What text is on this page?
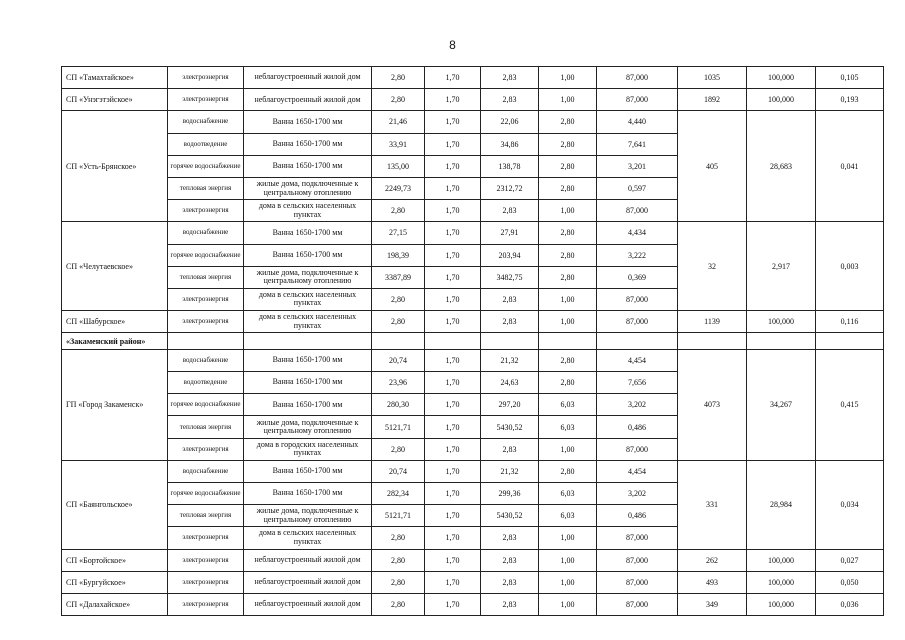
8
СП «Тамахтайское»	электроэнергия	неблагоустроенный жилой дом	2,80	1,70	2,83	1,00	87,000	1035	100,000	0,105
СП «Унэгэтэйское»	электроэнергия	неблагоустроенный жилой дом	2,80	1,70	2,83	1,00	87,000	1892	100,000	0,193
СП «Усть-Брянское»	водоснабжение	Ванна 1650-1700 мм	21,46	1,70	22,06	2,80	4,440	405	28,683	0,041
	водоотведение	Ванна 1650-1700 мм	33,91	1,70	34,86	2,80	7,641			
	горячее водоснабжение	Ванна 1650-1700 мм	135,00	1,70	138,78	2,80	3,201			
	тепловая энергия	жилые дома, подключенные к центральному отоплению	2249,73	1,70	2312,72	2,80	0,597			
	электроэнергия	дома в сельских населенных пунктах	2,80	1,70	2,83	1,00	87,000			
СП «Челутаевское»	водоснабжение	Ванна 1650-1700 мм	27,15	1,70	27,91	2,80	4,434	32	2,917	0,003
	горячее водоснабжение	Ванна 1650-1700 мм	198,39	1,70	203,94	2,80	3,222			
	тепловая энергия	жилые дома, подключенные к центральному отоплению	3387,89	1,70	3482,75	2,80	0,369			
	электроэнергия	дома в сельских населенных пунктах	2,80	1,70	2,83	1,00	87,000			
СП «Шабурское»	электроэнергия	дома в сельских населенных пунктах	2,80	1,70	2,83	1,00	87,000	1139	100,000	0,116
«Закаменский район»										
ГП «Город Закаменск»	водоснабжение	Ванна 1650-1700 мм	20,74	1,70	21,32	2,80	4,454	4073	34,267	0,415
	водоотведение	Ванна 1650-1700 мм	23,96	1,70	24,63	2,80	7,656			
	горячее водоснабжение	Ванна 1650-1700 мм	280,30	1,70	297,20	6,03	3,202			
	тепловая энергия	жилые дома, подключенные к центральному отоплению	5121,71	1,70	5430,52	6,03	0,486			
	электроэнергия	дома в городских населенных пунктах	2,80	1,70	2,83	1,00	87,000			
СП «Баянгольское»	водоснабжение	Ванна 1650-1700 мм	20,74	1,70	21,32	2,80	4,454	331	28,984	0,034
	горячее водоснабжение	Ванна 1650-1700 мм	282,34	1,70	299,36	6,03	3,202			
	тепловая энергия	жилые дома, подключенные к центральному отоплению	5121,71	1,70	5430,52	6,03	0,486			
	электроэнергия	дома в сельских населенных пунктах	2,80	1,70	2,83	1,00	87,000			
СП «Бортойское»	электроэнергия	неблагоустроенный жилой дом	2,80	1,70	2,83	1,00	87,000	262	100,000	0,027
СП «Бургуйское»	электроэнергия	неблагоустроенный жилой дом	2,80	1,70	2,83	1,00	87,000	493	100,000	0,050
СП «Далахайское»	электроэнергия	неблагоустроенный жилой дом	2,80	1,70	2,83	1,00	87,000	349	100,000	0,036
